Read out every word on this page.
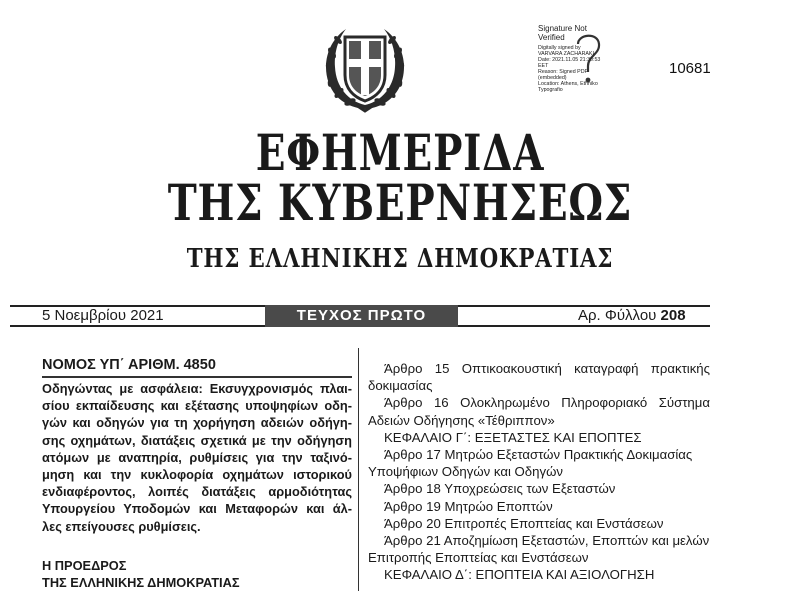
Signature Not
Verified
Digitally signed by
VARVARA ZACHARAKI
Date: 2021.11.05 21:30:53
EET
Reason: Signed PDF
(embedded)
Location: Athens, Ethniko
Typografio
10681
ΕΦΗΜΕΡΙΔΑ
ΤΗΣ ΚΥΒΕΡΝΗΣΕΩΣ
ΤΗΣ ΕΛΛΗΝΙΚΗΣ ΔΗΜΟΚΡΑΤΙΑΣ
5 Νοεμβρίου 2021	ΤΕΥΧΟΣ ΠΡΩΤΟ	Αρ. Φύλλου 208
ΝΟΜΟΣ ΥΠ΄ ΑΡΙΘΜ. 4850
Οδηγώντας με ασφάλεια: Εκσυγχρονισμός πλαι-
σίου εκπαίδευσης και εξέτασης υποψηφίων οδη-
γών και οδηγών για τη χορήγηση αδειών οδήγη-
σης οχημάτων, διατάξεις σχετικά με την οδήγηση
ατόμων με αναπηρία, ρυθμίσεις για την ταξινό-
μηση και την κυκλοφορία οχημάτων ιστορικού
ενδιαφέροντος, λοιπές διατάξεις αρμοδιότητας
Υπουργείου Υποδομών και Μεταφορών και άλ-
λες επείγουσες ρυθμίσεις.
Η ΠΡΟΕΔΡΟΣ
ΤΗΣ ΕΛΛΗΝΙΚΗΣ ΔΗΜΟΚΡΑΤΙΑΣ
Άρθρο 15 Οπτικοακουστική καταγραφή πρακτικής
δοκιμασίας
Άρθρο 16 Ολοκληρωμένο Πληροφοριακό Σύστημα
Αδειών Οδήγησης «Τέθριππον»
ΚΕΦΑΛΑΙΟ Γ΄: ΕΞΕΤΑΣΤΕΣ ΚΑΙ ΕΠΟΠΤΕΣ
Άρθρο 17 Μητρώο Εξεταστών Πρακτικής Δοκιμασίας
Υποψήφιων Οδηγών και Οδηγών
Άρθρο 18 Υποχρεώσεις των Εξεταστών
Άρθρο 19 Μητρώο Εποπτών
Άρθρο 20 Επιτροπές Εποπτείας και Ενστάσεων
Άρθρο 21 Αποζημίωση Εξεταστών, Εποπτών και μελών
Επιτροπής Εποπτείας και Ενστάσεων
ΚΕΦΑΛΑΙΟ Δ΄: ΕΠΟΠΤΕΙΑ ΚΑΙ ΑΞΙΟΛΟΓΗΣΗ
